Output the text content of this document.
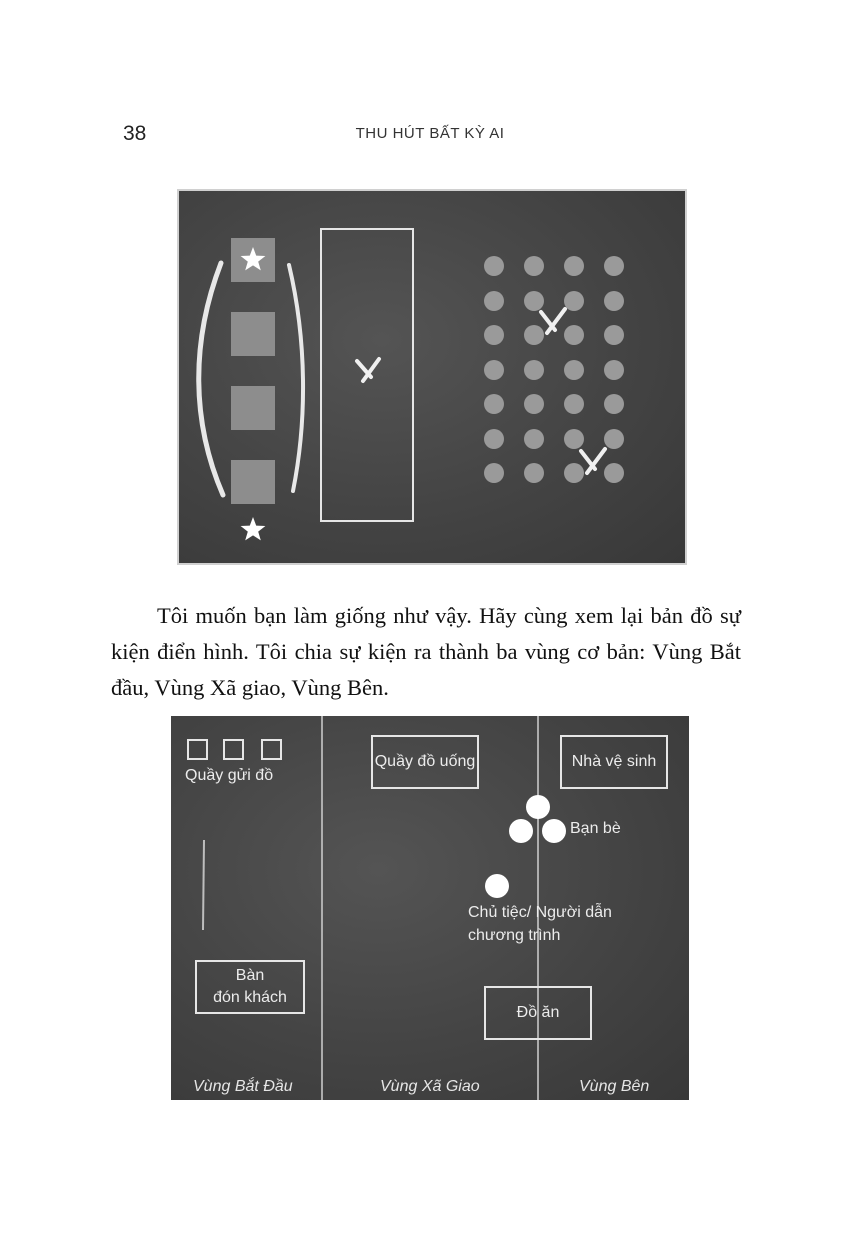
38	THU HÚT BẤT KỲ AI

Tôi muốn bạn làm giống như vậy. Hãy cùng xem lại bản đồ sự kiện điển hình. Tôi chia sự kiện ra thành ba vùng cơ bản: Vùng Bắt đầu, Vùng Xã giao, Vùng Bên.

Quầy gửi đồ
Quầy đồ uống	Nhà vệ sinh
Bạn bè
Chủ tiệc/ Người dẫn
chương trình
Bàn
đón khách
Đồ ăn
Vùng Bắt Đầu	Vùng Xã Giao	Vùng Bên
